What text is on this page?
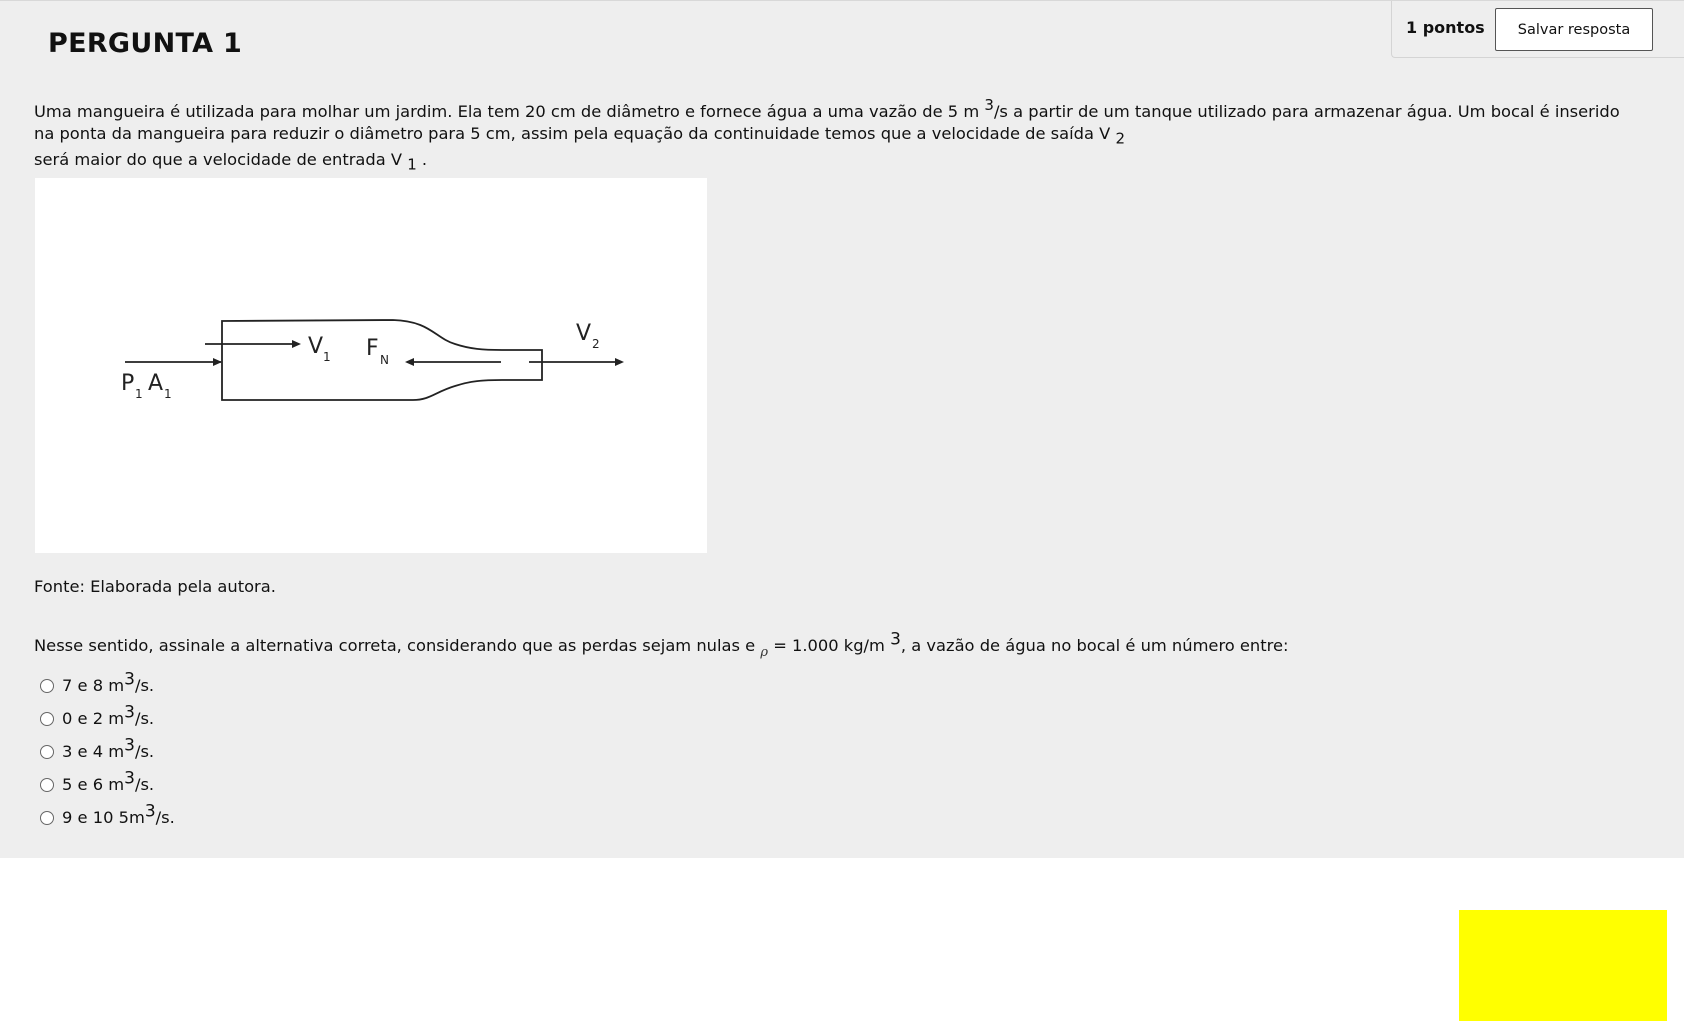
PERGUNTA 1
1 pontos	Salvar resposta
Uma mangueira é utilizada para molhar um jardim. Ela tem 20 cm de diâmetro e fornece água a uma vazão de 5 m $^3$/s a partir de um tanque utilizado para armazenar água. Um bocal é inserido na ponta da mangueira para reduzir o diâmetro para 5 cm, assim pela equação da continuidade temos que a velocidade de saída V $_2$
será maior do que a velocidade de entrada V $_1$ .
P 1 A 1
V 1 F N
V 2
Fonte: Elaborada pela autora.
Nesse sentido, assinale a alternativa correta, considerando que as perdas sejam nulas e $_\rho$ = 1.000 kg/m $^3$, a vazão de água no bocal é um número entre:
7 e 8 $m^3/s$.
0 e 2 $m^3/s$.
3 e 4 $m^3/s$.
5 e 6 $m^3/s$.
9 e 10 $5m^3/s$.
